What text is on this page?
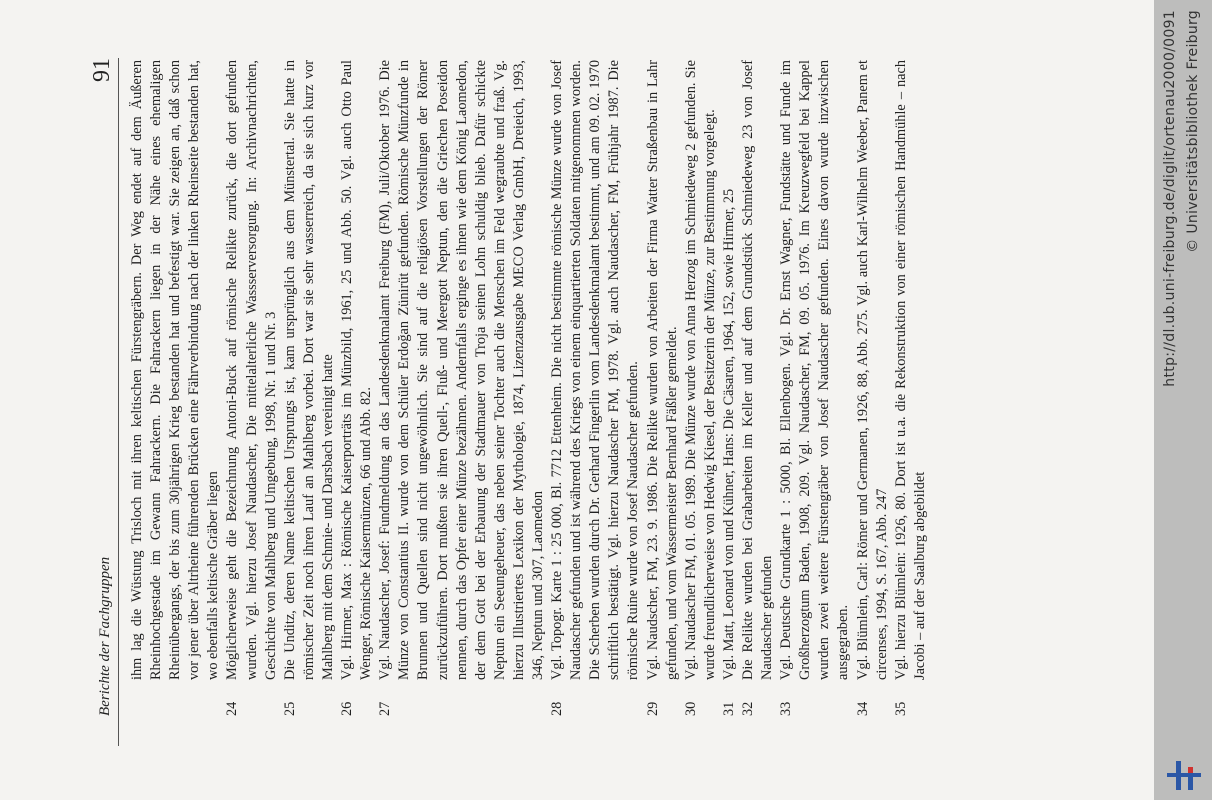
Berichte der Fachgruppen
91 ihm lag die Wüstung Trisloch mit ihren keltischen Fürstengräbern. Der Weg endet auf dem Äußeren Rheinhochgestade im Gewann Fahrackern. Die Fahrackern liegen in der Nähe eines ehemaligen Rheinübergangs, der bis zum 30jährigen Krieg bestanden hat und befestigt war. Sie zeigen an, daß schon vor jener über Altrheine führenden Brücken eine Fährverbindung nach der linken Rheinseite bestanden hat, wo ebenfalls keltische Gräber liegen
24
Möglicherweise geht die Bezeichnung Antoni-Buck auf römische Relikte zurück, die dort gefunden wurden. Vgl. hierzu Josef Naudascher, Die mittelalterliche Wassserversorgung. In: Archivnachrichten, Geschichte von Mahlberg und Umgebung, 1998, Nr. 1 und Nr. 3
25
Die Unditz, deren Name keltischen Ursprungs ist, kam ursprünglich aus dem Münstertal. Sie hatte in römischer Zeit noch ihren Lauf an Mahlberg vorbei. Dort war sie sehr wasserreich, da sie sich kurz vor Mahlberg mit dem Schmie- und Darsbach vereinigt hatte
26
Vgl. Hirmer, Max : Römische Kaiserporträts im Münzbild, 1961, 25 und Abb. 50. Vgl. auch Otto Paul Wenger, Römische Kaisermünzen, 66 und Abb. 82.
27
Vgl. Naudascher, Josef: Fundmeldung an das Landesdenkmalamt Freiburg (FM), Juli/Oktober 1976. Die Münze von Constantius II. wurde von dem Schüler Erdoğan Zünirüt gefunden. Römische Münzfunde in Brunnen und Quellen sind nicht ungewöhnlich. Sie sind auf die religiösen Vorstellungen der Römer zurückzuführen. Dort mußten sie ihren Quell-, Fluß- und Meergott Neptun, den die Griechen Poseidon nennen, durch das Opfer einer Münze bezähmen. Andernfalls erginge es ihnen wie dem König Laomedon, der dem Gott bei der Erbauung der Stadtmauer von Troja seinen Lohn schuldig blieb. Dafür schickte Neptun ein Seeungeheuer, das neben seiner Tochter auch die Menschen im Feld wegraubte und fraß. Vg. hierzu Illustriertes Lexikon der Mythologie, 1874, Lizenzausgabe MECO Verlag GmbH, Dreieich, 1993, 346, Neptun und 307, Laomedon
28
Vgl. Topogr. Karte 1 : 25 000, Bl. 7712 Ettenheim. Die nicht bestimmte römische Münze wurde von Josef Naudascher gefunden und ist während des Kriegs von einem einquartierten Soldaten mitgenommen worden. Die Scherben wurden durch Dr. Gerhard Fingerlin vom Landesdenkmalamt bestimmt, und am 09. 02. 1970 schriftlich bestätigt. Vgl. hierzu Naudascher FM, 1978. Vgl. auch Naudascher, FM, Frühjahr 1987. Die römische Ruine wurde von Josef Naudascher gefunden.
29
Vgl. Naudscher, FM, 23. 9. 1986. Die Relikte wurden von Arbeiten der Firma Watter Straßenbau in Lahr gefunden, und vom Wassermeister Bernhard Fäßler gemeldet.
30
Vgl. Naudascher FM, 01. 05. 1989. Die Münze wurde von Anna Herzog im Schmiedeweg 2 gefunden. Sie wurde freundlicherweise von Hedwig Kiesel, der Besitzerin der Münze, zur Bestimmung vorgelegt.
31
Vgl. Matt, Leonard von und Kühner, Hans: Die Cäsaren, 1964, 152, sowie Hirmer, 25
32
Die Relikte wurden bei Grabarbeiten im Keller und auf dem Grundstück Schmiedeweg 23 von Josef Naudascher gefunden
33
Vgl. Deutsche Grundkarte 1 : 5000, Bl. Ellenbogen. Vgl. Dr. Ernst Wagner, Fundstätte und Funde im Großherzogtum Baden, 1908, 209. Vgl. Naudascher, FM, 09. 05. 1976. Im Kreuzwegfeld bei Kappel wurden zwei weitere Fürstengräber von Josef Naudascher gefunden. Eines davon wurde inzwischen ausgegraben.
34
Vgl. Blümlein, Carl: Römer und Germanen, 1926, 88, Abb. 275. Vgl. auch Karl-Wilhelm Weeber, Panem et circenses, 1994, S. 167, Abb. 247
35
Vgl. hierzu Blümlein: 1926, 80. Dort ist u.a. die Rekonstruktion von einer römischen Handmühle – nach Jacobi – auf der Saalburg abgebildet
http://dl.ub.uni-freiburg.de/diglit/ortenau2000/0091 © Universitätsbibliothek Freiburg
